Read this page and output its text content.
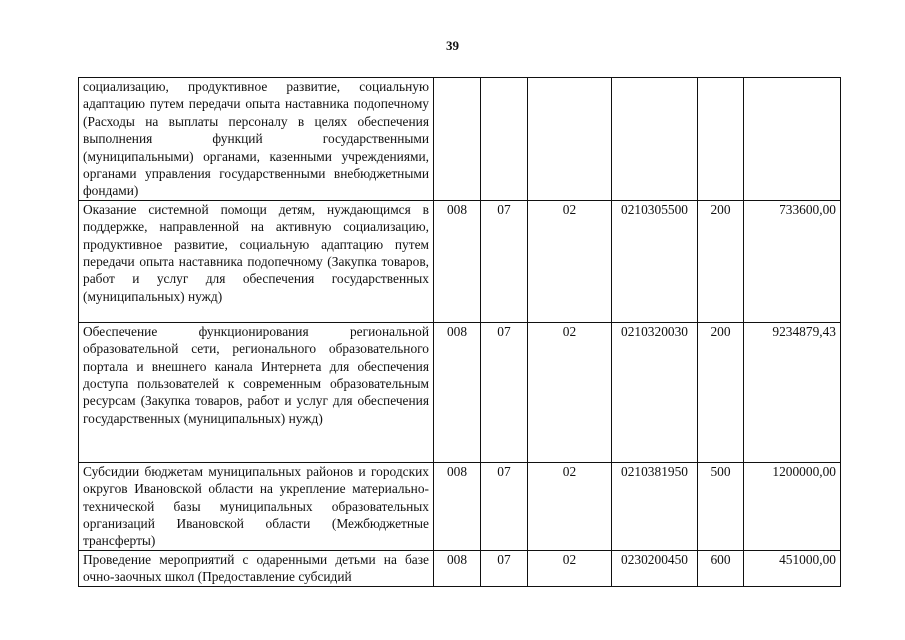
39
социализацию, продуктивное развитие, социальную адаптацию путем передачи опыта наставника подопечному (Расходы на выплаты персоналу в целях обеспечения выполнения функций государственными (муниципальными) органами, казенными учреждениями, органами управления государственными внебюджетными фондами)						
Оказание системной помощи детям, нуждающимся в поддержке, направленной на активную социализацию, продуктивное развитие, социальную адаптацию путем передачи опыта наставника подопечному (Закупка товаров, работ и услуг для обеспечения государственных (муниципальных) нужд)	008	07	02	0210305500	200	733600,00
Обеспечение функционирования региональной образовательной сети, регионального образовательного портала и внешнего канала Интернета для обеспечения доступа пользователей к современным образовательным ресурсам (Закупка товаров, работ и услуг для обеспечения государственных (муниципальных) нужд)	008	07	02	0210320030	200	9234879,43
Субсидии бюджетам муниципальных районов и городских округов Ивановской области на укрепление материально-технической базы муниципальных образовательных организаций Ивановской области (Межбюджетные трансферты)	008	07	02	0210381950	500	1200000,00
Проведение мероприятий с одаренными детьми на базе очно-заочных школ (Предоставление субсидий	008	07	02	0230200450	600	451000,00
